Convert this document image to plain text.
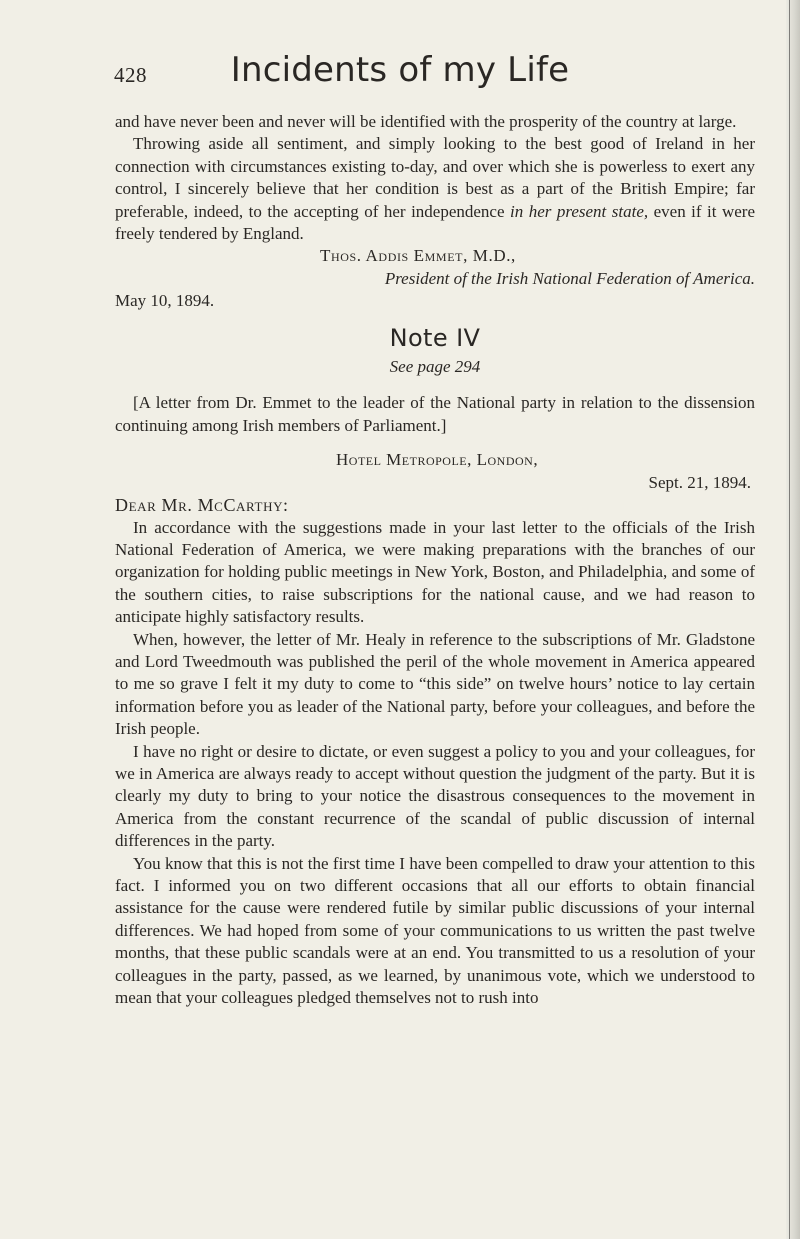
428	Incidents of my Life

and have never been and never will be identified with the prosperity of the country at large.

Throwing aside all sentiment, and simply looking to the best good of Ireland in her connection with circumstances existing to-day, and over which she is powerless to exert any control, I sincerely believe that her condition is best as a part of the British Empire; far preferable, indeed, to the accepting of her independence in her present state, even if it were freely tendered by England.

Thos. Addis Emmet, M.D.,

President of the Irish National Federation of America.

May 10, 1894.

Note IV

See page 294

[A letter from Dr. Emmet to the leader of the National party in relation to the dissension continuing among Irish members of Parliament.]

Hotel Metropole, London,

Sept. 21, 1894.

Dear Mr. McCarthy:

In accordance with the suggestions made in your last letter to the officials of the Irish National Federation of America, we were making preparations with the branches of our organization for holding public meetings in New York, Boston, and Philadelphia, and some of the southern cities, to raise subscriptions for the national cause, and we had reason to anticipate highly satisfactory results.

When, however, the letter of Mr. Healy in reference to the subscriptions of Mr. Gladstone and Lord Tweedmouth was published the peril of the whole movement in America appeared to me so grave I felt it my duty to come to “this side” on twelve hours’ notice to lay certain information before you as leader of the National party, before your colleagues, and before the Irish people.

I have no right or desire to dictate, or even suggest a policy to you and your colleagues, for we in America are always ready to accept without question the judgment of the party. But it is clearly my duty to bring to your notice the disastrous consequences to the movement in America from the constant recurrence of the scandal of public discussion of internal differences in the party.

You know that this is not the first time I have been compelled to draw your attention to this fact. I informed you on two different occasions that all our efforts to obtain financial assistance for the cause were rendered futile by similar public discussions of your internal differences. We had hoped from some of your communications to us written the past twelve months, that these public scandals were at an end. You transmitted to us a resolution of your colleagues in the party, passed, as we learned, by unanimous vote, which we understood to mean that your colleagues pledged themselves not to rush into
